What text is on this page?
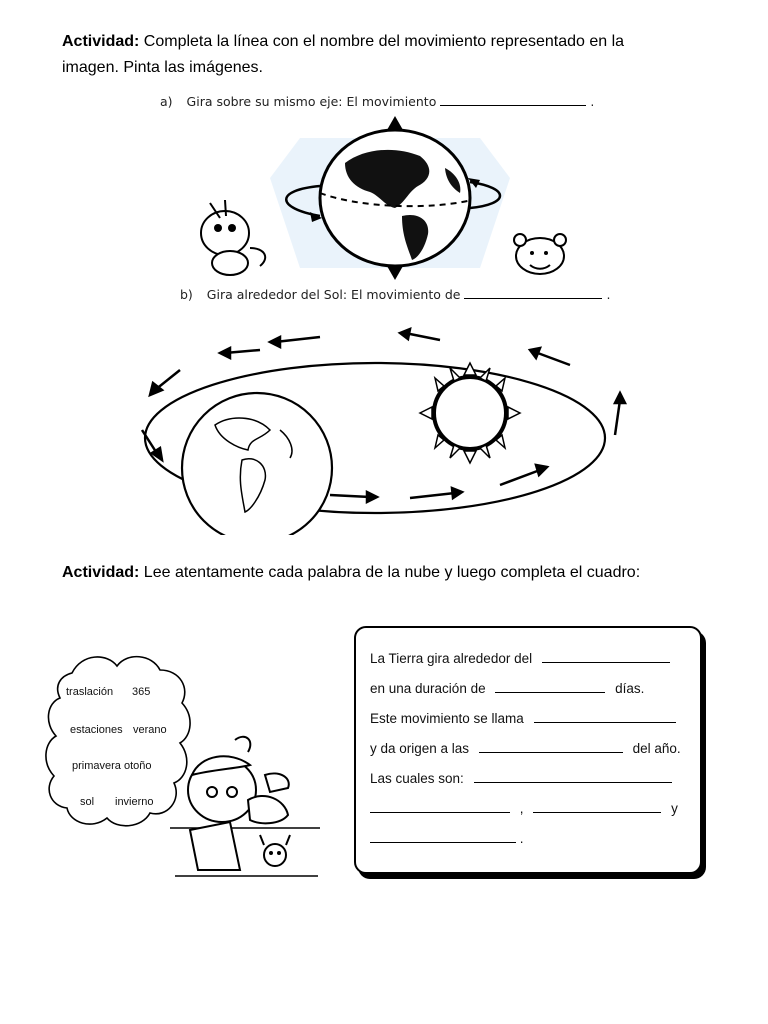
Actividad: Completa la línea con el nombre del movimiento representado en la
imagen. Pinta las imágenes.
a) Gira sobre su mismo eje: El movimiento	.
b) Gira alrededor del Sol: El movimiento de	.
Actividad: Lee atentamente cada palabra de la nube y luego completa el cuadro:
traslación 365
estaciones verano
primavera otoño
sol invierno
La Tierra gira alrededor del
en una duración de	días.
Este movimiento se llama
y da origen a las	del año.
Las cuales son:
,	y
.
